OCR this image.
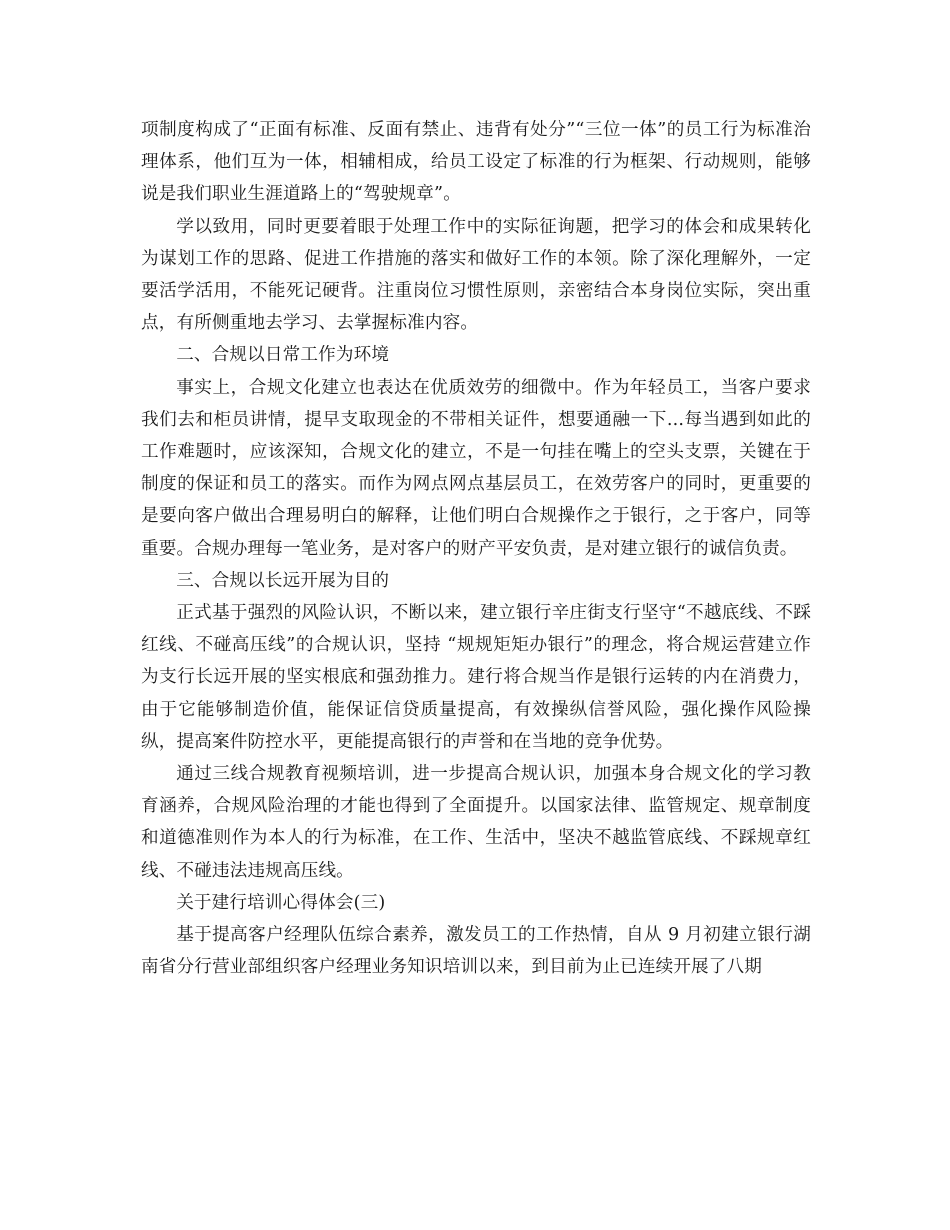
项制度构成了“正面有标准、反面有禁止、违背有处分”“三位一体”的员工行为标准治理体系，他们互为一体，相辅相成，给员工设定了标准的行为框架、行动规则，能够说是我们职业生涯道路上的“驾驶规章”。

学以致用，同时更要着眼于处理工作中的实际征询题，把学习的体会和成果转化为谋划工作的思路、促进工作措施的落实和做好工作的本领。除了深化理解外，一定要活学活用，不能死记硬背。注重岗位习惯性原则，亲密结合本身岗位实际，突出重点，有所侧重地去学习、去掌握标准内容。

二、合规以日常工作为环境

事实上，合规文化建立也表达在优质效劳的细微中。作为年轻员工，当客户要求我们去和柜员讲情，提早支取现金的不带相关证件，想要通融一下...每当遇到如此的工作难题时，应该深知，合规文化的建立，不是一句挂在嘴上的空头支票，关键在于制度的保证和员工的落实。而作为网点网点基层员工，在效劳客户的同时，更重要的是要向客户做出合理易明白的解释，让他们明白合规操作之于银行，之于客户，同等重要。合规办理每一笔业务，是对客户的财产平安负责，是对建立银行的诚信负责。

三、合规以长远开展为目的

正式基于强烈的风险认识，不断以来，建立银行辛庄街支行坚守“不越底线、不踩红线、不碰高压线”的合规认识，坚持 “规规矩矩办银行”的理念，将合规运营建立作为支行长远开展的坚实根底和强劲推力。建行将合规当作是银行运转的内在消费力，由于它能够制造价值，能保证信贷质量提高，有效操纵信誉风险，强化操作风险操纵，提高案件防控水平，更能提高银行的声誉和在当地的竞争优势。

通过三线合规教育视频培训，进一步提高合规认识，加强本身合规文化的学习教育涵养，合规风险治理的才能也得到了全面提升。以国家法律、监管规定、规章制度和道德准则作为本人的行为标准，在工作、生活中，坚决不越监管底线、不踩规章红线、不碰违法违规高压线。

关于建行培训心得体会(三)

基于提高客户经理队伍综合素养，激发员工的工作热情，自从 9 月初建立银行湖南省分行营业部组织客户经理业务知识培训以来，到目前为止已连续开展了八期
